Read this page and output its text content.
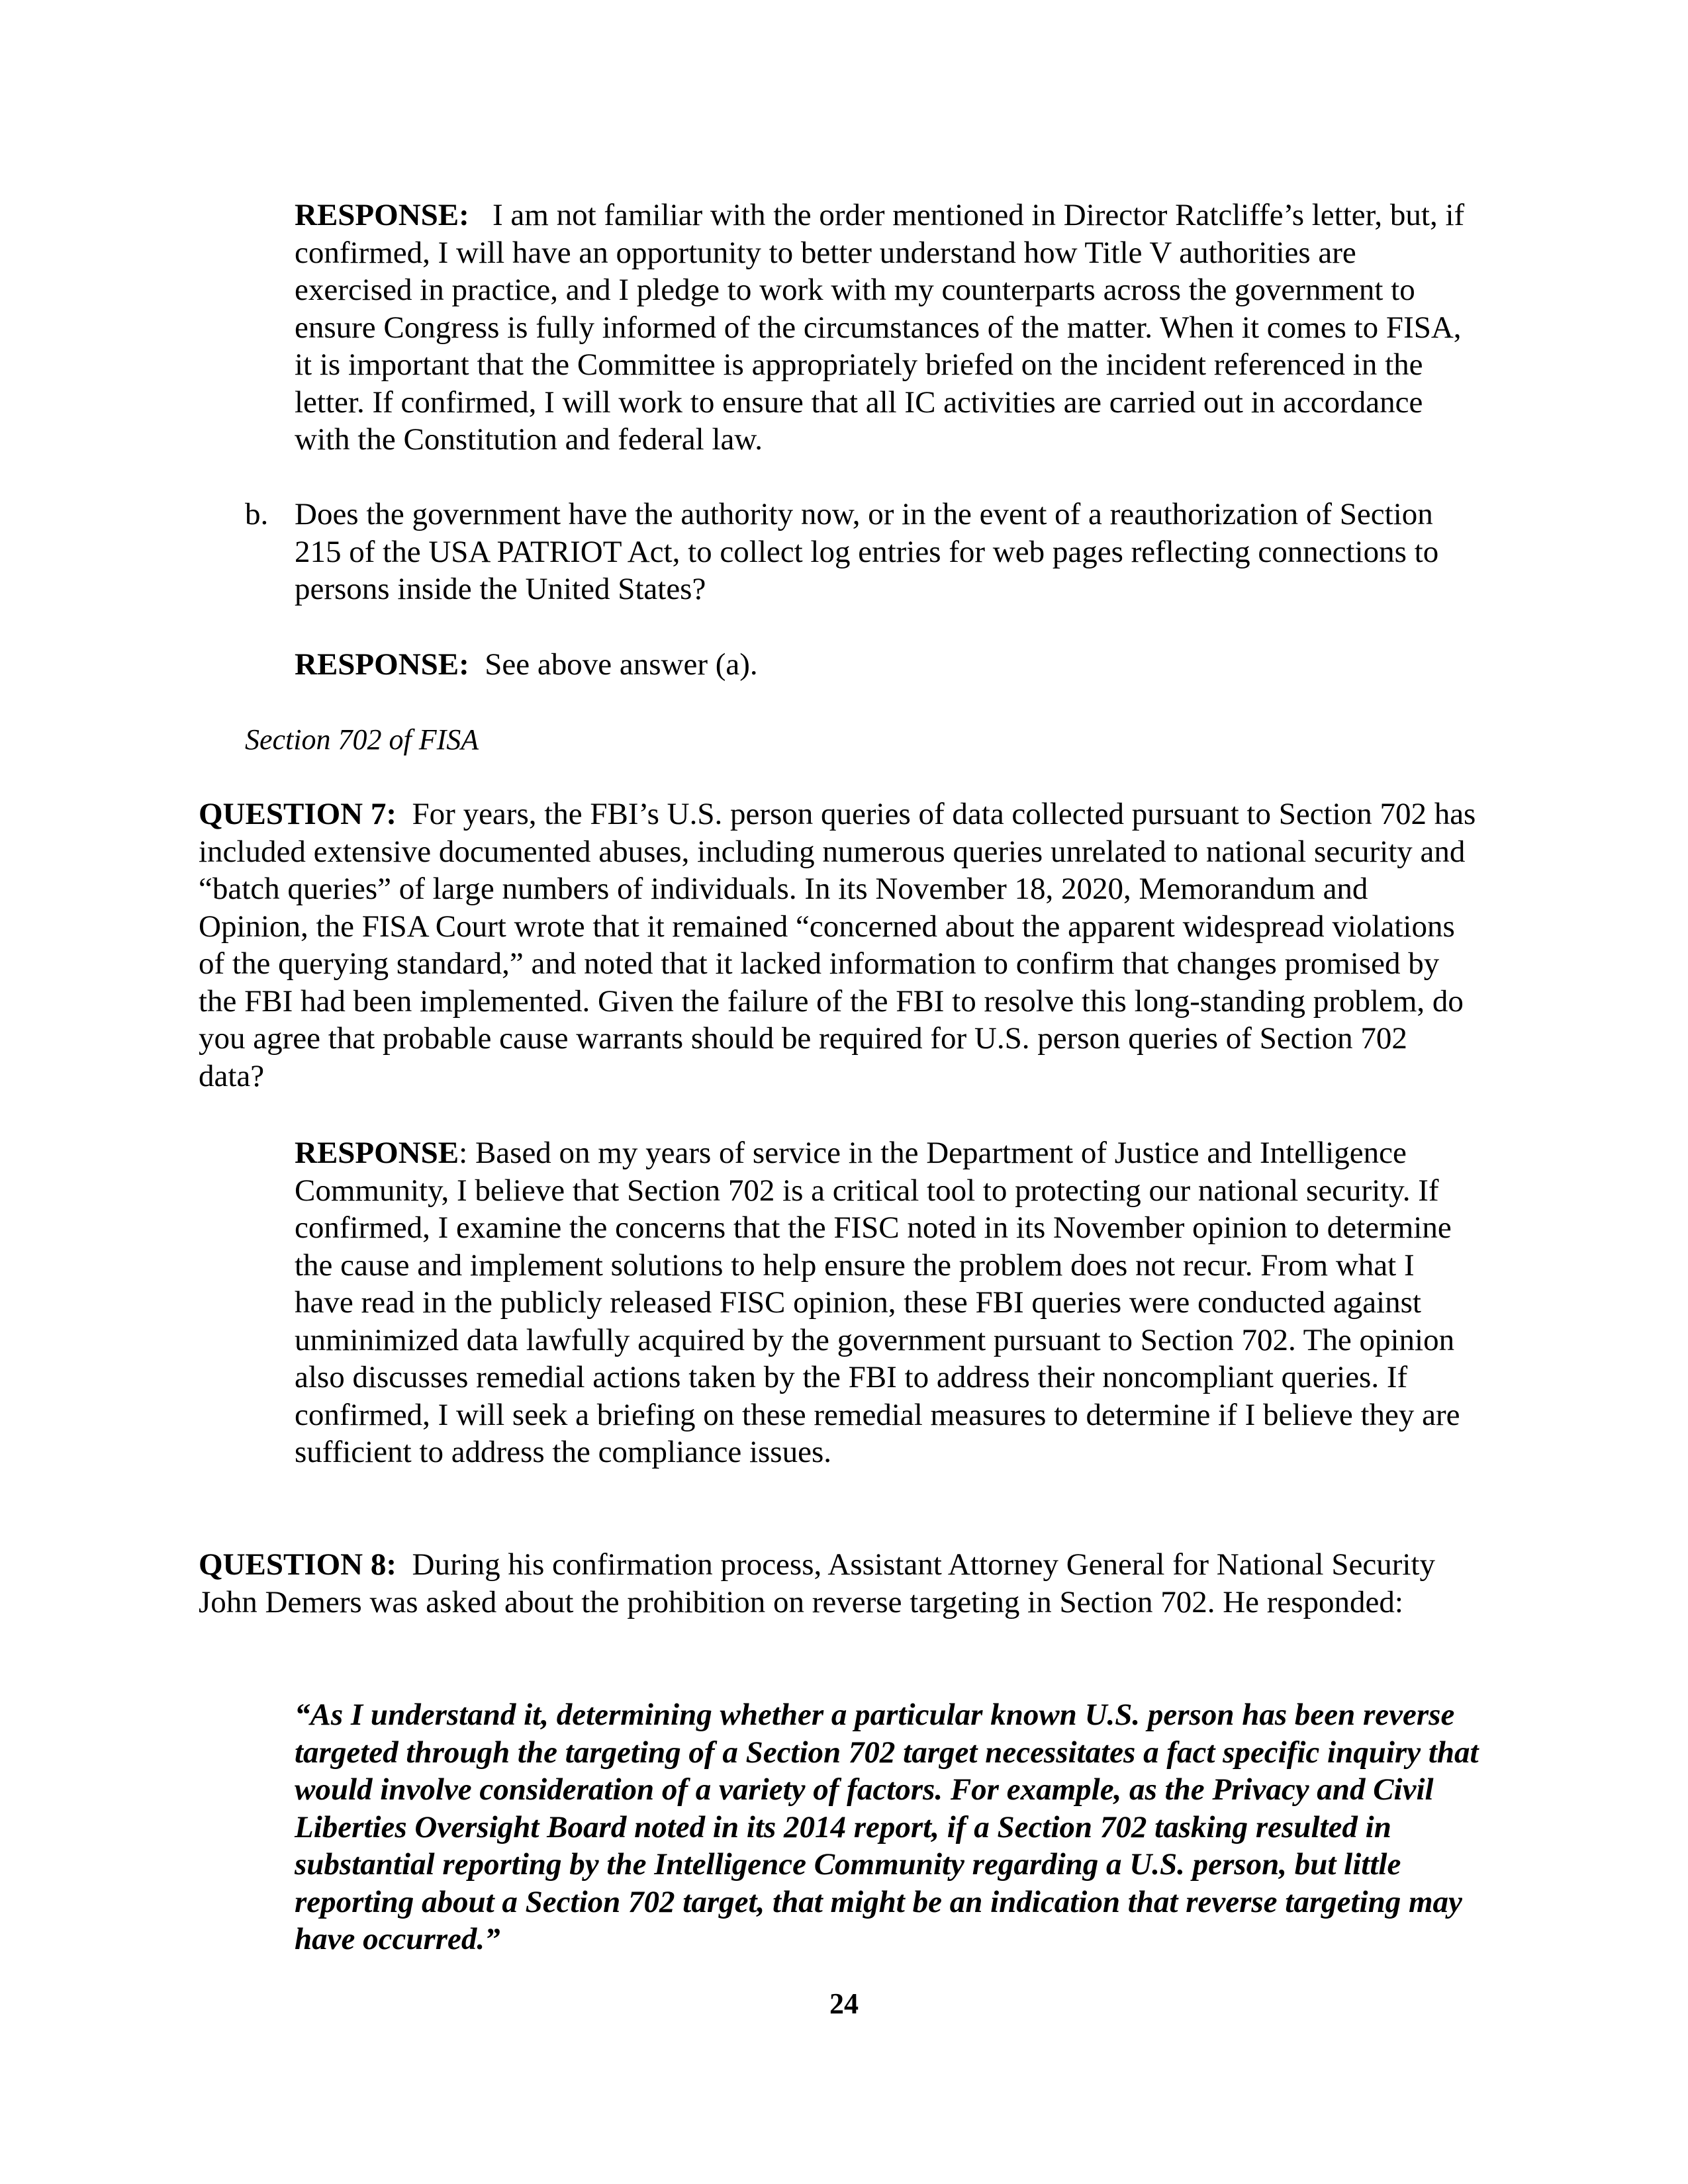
RESPONSE: I am not familiar with the order mentioned in Director Ratcliffe’s letter, but, if confirmed, I will have an opportunity to better understand how Title V authorities are exercised in practice, and I pledge to work with my counterparts across the government to ensure Congress is fully informed of the circumstances of the matter. When it comes to FISA, it is important that the Committee is appropriately briefed on the incident referenced in the letter. If confirmed, I will work to ensure that all IC activities are carried out in accordance with the Constitution and federal law.

b. Does the government have the authority now, or in the event of a reauthorization of Section 215 of the USA PATRIOT Act, to collect log entries for web pages reflecting connections to persons inside the United States?

RESPONSE: See above answer (a).

Section 702 of FISA

QUESTION 7: For years, the FBI’s U.S. person queries of data collected pursuant to Section 702 has included extensive documented abuses, including numerous queries unrelated to national security and “batch queries” of large numbers of individuals. In its November 18, 2020, Memorandum and Opinion, the FISA Court wrote that it remained “concerned about the apparent widespread violations of the querying standard,” and noted that it lacked information to confirm that changes promised by the FBI had been implemented. Given the failure of the FBI to resolve this long-standing problem, do you agree that probable cause warrants should be required for U.S. person queries of Section 702 data?

RESPONSE: Based on my years of service in the Department of Justice and Intelligence Community, I believe that Section 702 is a critical tool to protecting our national security. If confirmed, I examine the concerns that the FISC noted in its November opinion to determine the cause and implement solutions to help ensure the problem does not recur. From what I have read in the publicly released FISC opinion, these FBI queries were conducted against unminimized data lawfully acquired by the government pursuant to Section 702. The opinion also discusses remedial actions taken by the FBI to address their noncompliant queries. If confirmed, I will seek a briefing on these remedial measures to determine if I believe they are sufficient to address the compliance issues.

QUESTION 8: During his confirmation process, Assistant Attorney General for National Security John Demers was asked about the prohibition on reverse targeting in Section 702. He responded:

“As I understand it, determining whether a particular known U.S. person has been reverse targeted through the targeting of a Section 702 target necessitates a fact specific inquiry that would involve consideration of a variety of factors. For example, as the Privacy and Civil Liberties Oversight Board noted in its 2014 report, if a Section 702 tasking resulted in substantial reporting by the Intelligence Community regarding a U.S. person, but little reporting about a Section 702 target, that might be an indication that reverse targeting may have occurred.”

24
